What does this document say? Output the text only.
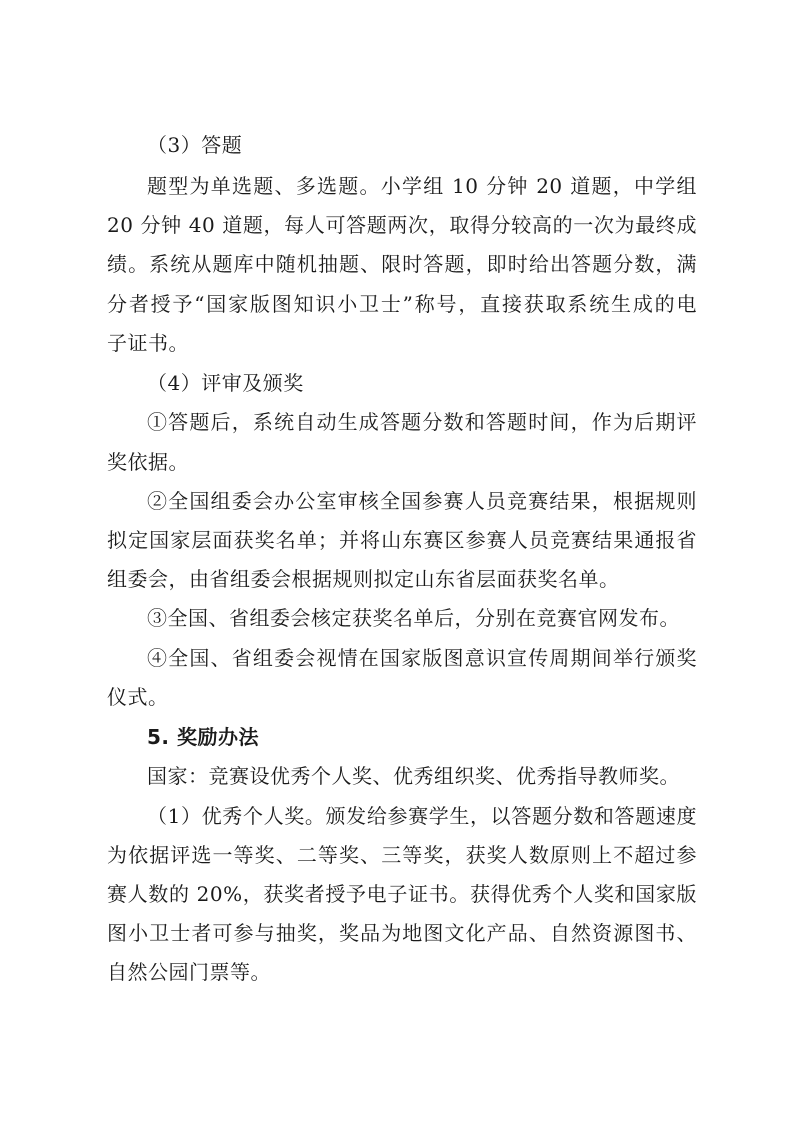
（3）答题
题型为单选题、多选题。小学组 10 分钟 20 道题，中学组
20 分钟 40 道题，每人可答题两次，取得分较高的一次为最终成
绩。系统从题库中随机抽题、限时答题，即时给出答题分数，满
分者授予“国家版图知识小卫士”称号，直接获取系统生成的电
子证书。
（4）评审及颁奖
①答题后，系统自动生成答题分数和答题时间，作为后期评
奖依据。
②全国组委会办公室审核全国参赛人员竞赛结果，根据规则
拟定国家层面获奖名单；并将山东赛区参赛人员竞赛结果通报省
组委会，由省组委会根据规则拟定山东省层面获奖名单。
③全国、省组委会核定获奖名单后，分别在竞赛官网发布。
④全国、省组委会视情在国家版图意识宣传周期间举行颁奖
仪式。
5. 奖励办法
国家：竞赛设优秀个人奖、优秀组织奖、优秀指导教师奖。
（1）优秀个人奖。颁发给参赛学生，以答题分数和答题速度
为依据评选一等奖、二等奖、三等奖，获奖人数原则上不超过参
赛人数的 20%，获奖者授予电子证书。获得优秀个人奖和国家版
图小卫士者可参与抽奖，奖品为地图文化产品、自然资源图书、
自然公园门票等。
